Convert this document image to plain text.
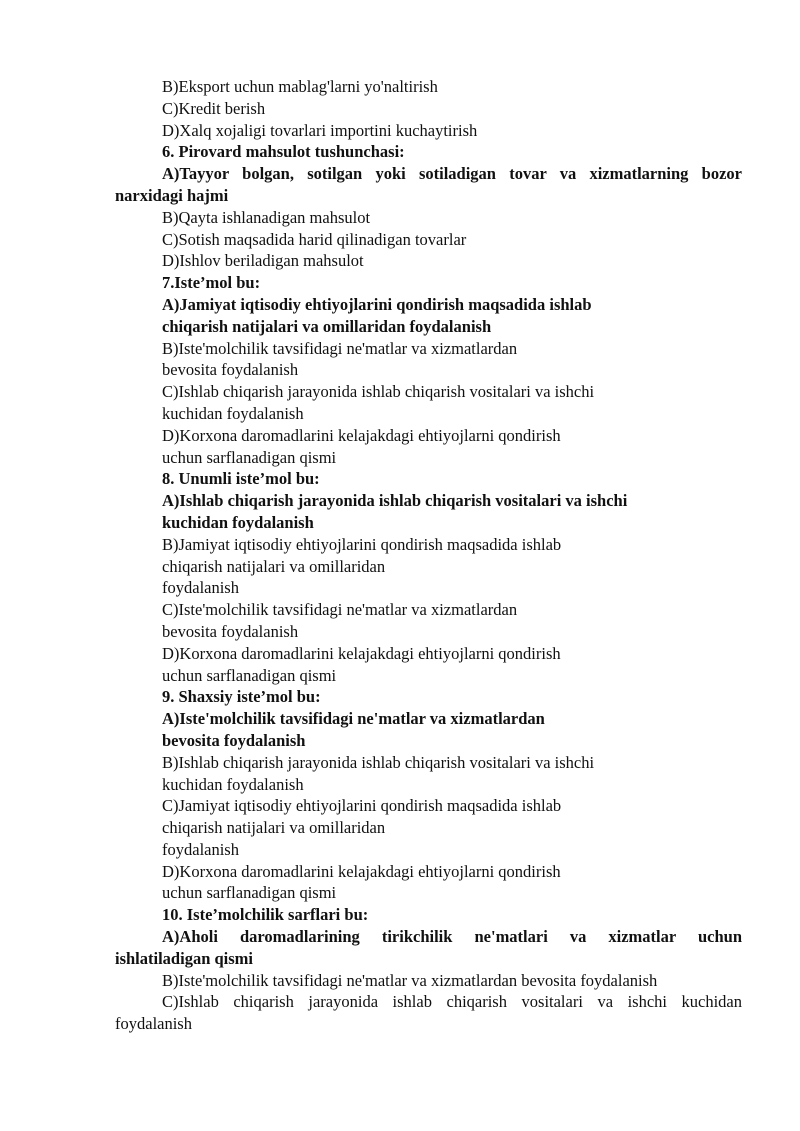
B)Eksport uchun mablag'larni yo'naltirish

C)Kredit berish

D)Xalq xojaligi tovarlari importini kuchaytirish

6. Pirovard mahsulot tushunchasi:

A)Tayyor bolgan, sotilgan yoki sotiladigan tovar va xizmatlarning bozor

narxidagi hajmi

B)Qayta ishlanadigan mahsulot

C)Sotish maqsadida harid qilinadigan tovarlar

D)Ishlov beriladigan mahsulot

7.Iste’mol bu:

A)Jamiyat iqtisodiy ehtiyojlarini qondirish maqsadida ishlab

chiqarish natijalari va omillaridan foydalanish

B)Iste'molchilik tavsifidagi ne'matlar va xizmatlardan

bevosita foydalanish

C)Ishlab chiqarish jarayonida ishlab chiqarish vositalari va ishchi

kuchidan foydalanish

D)Korxona daromadlarini kelajakdagi ehtiyojlarni qondirish

uchun sarflanadigan qismi

8. Unumli iste’mol bu:

A)Ishlab chiqarish jarayonida ishlab chiqarish vositalari va ishchi

kuchidan foydalanish

B)Jamiyat iqtisodiy ehtiyojlarini qondirish maqsadida ishlab

chiqarish natijalari va omillaridan

foydalanish

C)Iste'molchilik tavsifidagi ne'matlar va xizmatlardan

bevosita foydalanish

D)Korxona daromadlarini kelajakdagi ehtiyojlarni qondirish

uchun sarflanadigan qismi

9. Shaxsiy iste’mol bu:

A)Iste'molchilik tavsifidagi ne'matlar va xizmatlardan

bevosita foydalanish

B)Ishlab chiqarish jarayonida ishlab chiqarish vositalari va ishchi

kuchidan foydalanish

C)Jamiyat iqtisodiy ehtiyojlarini qondirish maqsadida ishlab

chiqarish natijalari va omillaridan

foydalanish

D)Korxona daromadlarini kelajakdagi ehtiyojlarni qondirish

uchun sarflanadigan qismi

10. Iste’molchilik sarflari bu:

A)Aholi daromadlarining tirikchilik ne'matlari va xizmatlar uchun

ishlatiladigan qismi

B)Iste'molchilik tavsifidagi ne'matlar va xizmatlardan bevosita foydalanish

C)Ishlab chiqarish jarayonida ishlab chiqarish vositalari va ishchi kuchidan

foydalanish
